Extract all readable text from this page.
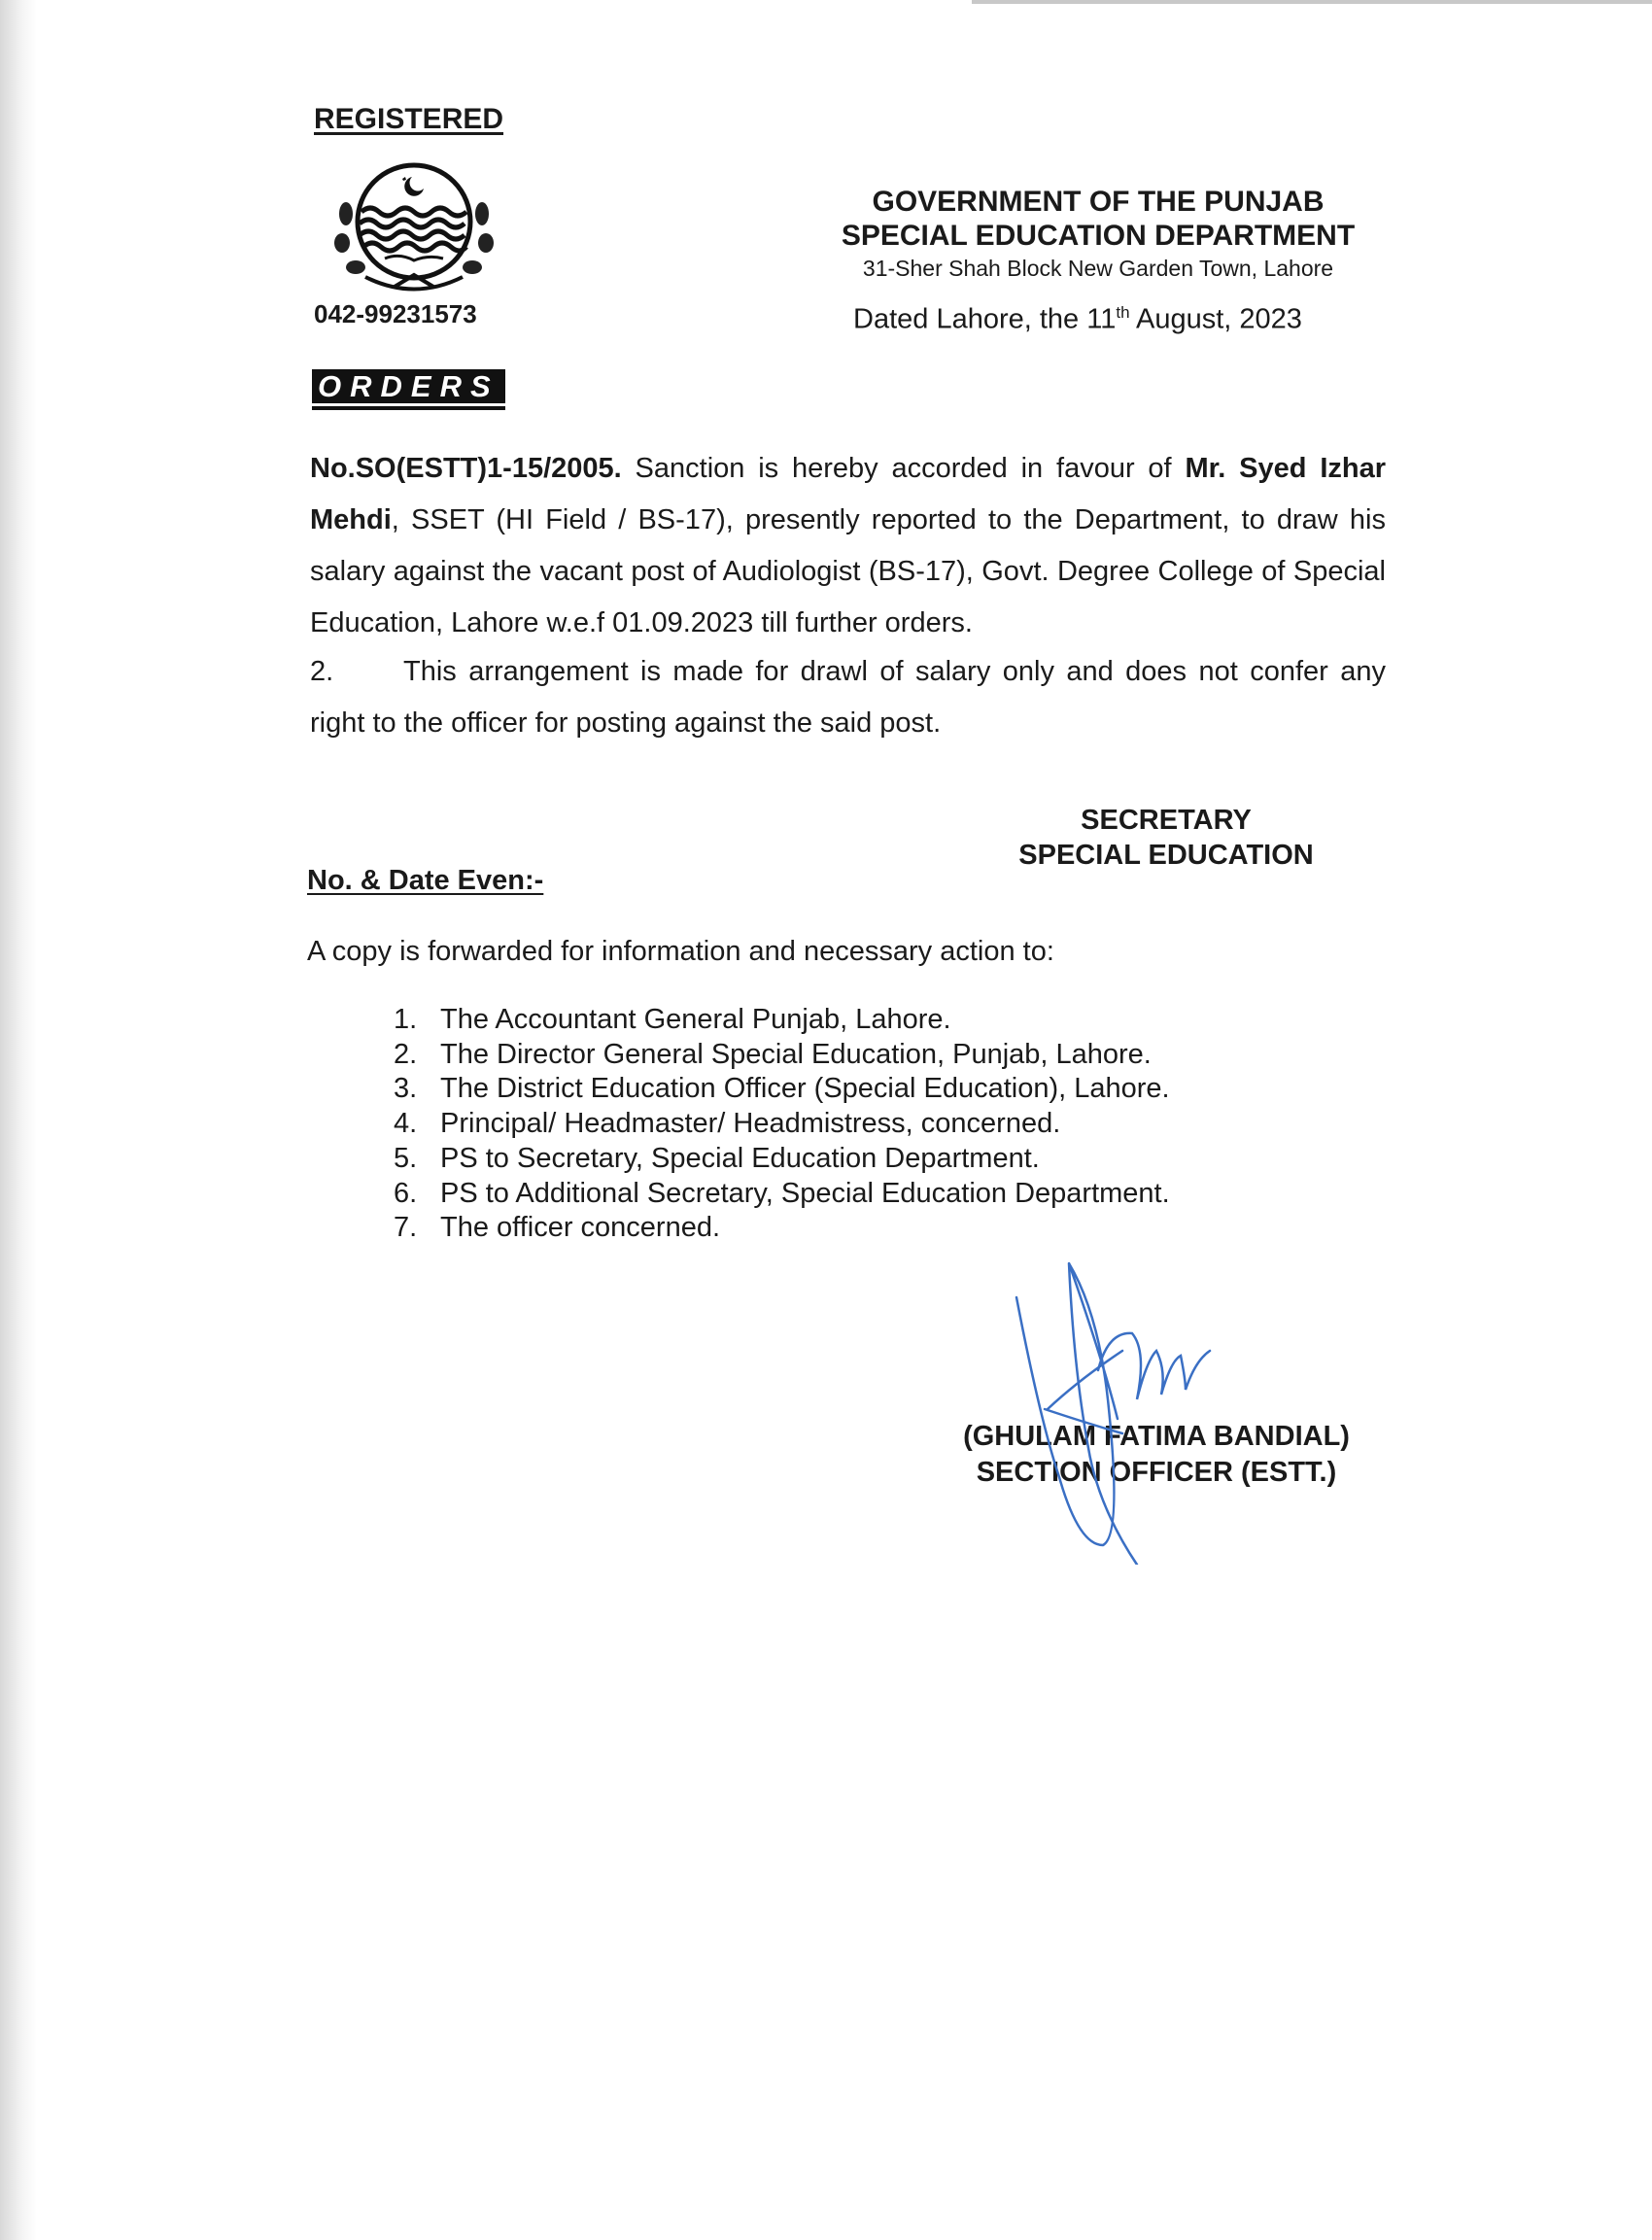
REGISTERED
042-99231573
GOVERNMENT OF THE PUNJAB
SPECIAL EDUCATION DEPARTMENT
31-Sher Shah Block New Garden Town, Lahore
Dated Lahore, the 11th August, 2023
ORDERS
No.SO(ESTT)1-15/2005. Sanction is hereby accorded in favour of Mr. Syed Izhar Mehdi, SSET (HI Field / BS-17), presently reported to the Department, to draw his salary against the vacant post of Audiologist (BS-17), Govt. Degree College of Special Education, Lahore w.e.f 01.09.2023 till further orders.
2. This arrangement is made for drawl of salary only and does not confer any right to the officer for posting against the said post.
SECRETARY
SPECIAL EDUCATION
No. & Date Even:-
A copy is forwarded for information and necessary action to:
1. The Accountant General Punjab, Lahore.
2. The Director General Special Education, Punjab, Lahore.
3. The District Education Officer (Special Education), Lahore.
4. Principal/ Headmaster/ Headmistress, concerned.
5. PS to Secretary, Special Education Department.
6. PS to Additional Secretary, Special Education Department.
7. The officer concerned.
(GHULAM FATIMA BANDIAL)
SECTION OFFICER (ESTT.)
